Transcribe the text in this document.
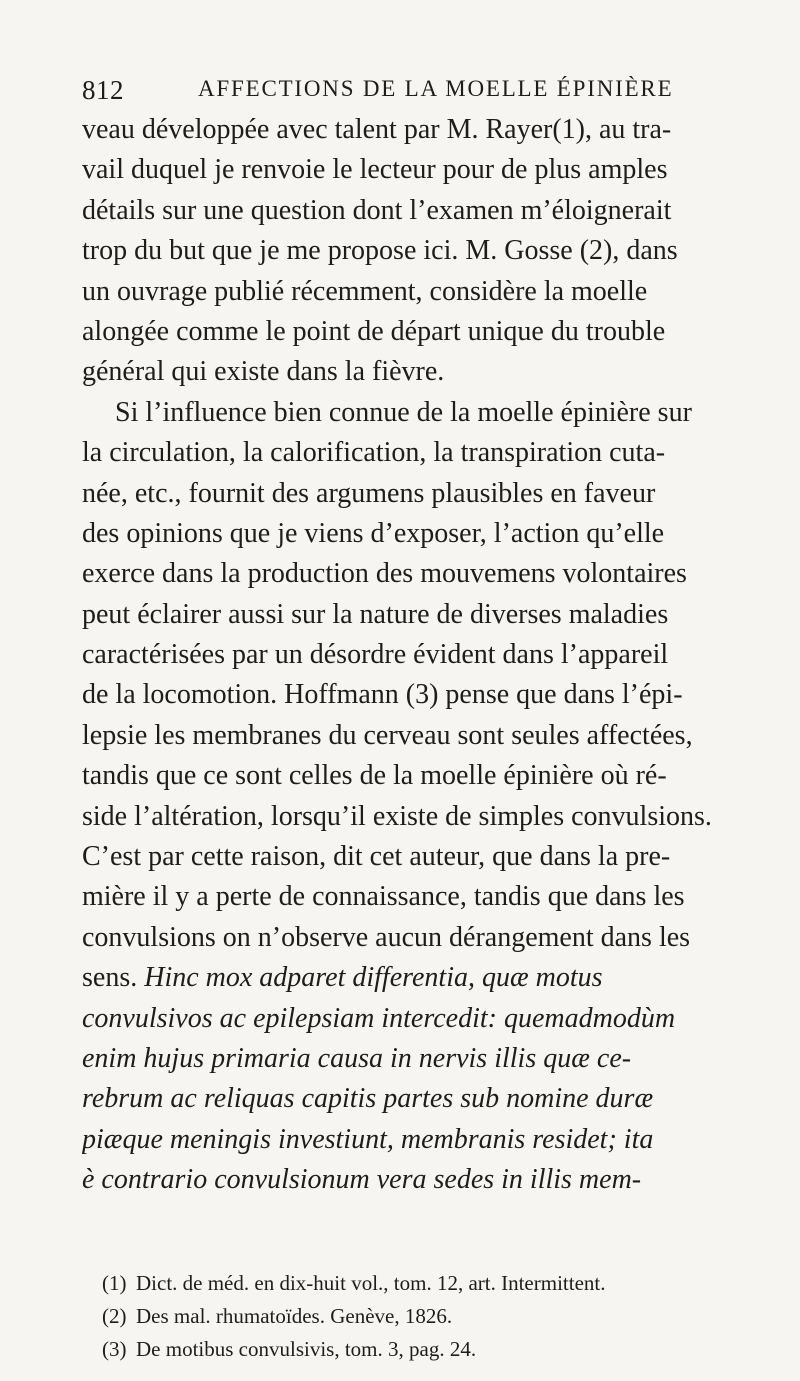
812	AFFECTIONS DE LA MOELLE ÉPINIÈRE
veau développée avec talent par M. Rayer(1), au tra-
vail duquel je renvoie le lecteur pour de plus amples
détails sur une question dont l’examen m’éloignerait
trop du but que je me propose ici. M. Gosse (2), dans
un ouvrage publié récemment, considère la moelle
alongée comme le point de départ unique du trouble
général qui existe dans la fièvre.
Si l’influence bien connue de la moelle épinière sur
la circulation, la calorification, la transpiration cuta-
née, etc., fournit des argumens plausibles en faveur
des opinions que je viens d’exposer, l’action qu’elle
exerce dans la production des mouvemens volontaires
peut éclairer aussi sur la nature de diverses maladies
caractérisées par un désordre évident dans l’appareil
de la locomotion. Hoffmann (3) pense que dans l’épi-
lepsie les membranes du cerveau sont seules affectées,
tandis que ce sont celles de la moelle épinière où ré-
side l’altération, lorsqu’il existe de simples convulsions.
C’est par cette raison, dit cet auteur, que dans la pre-
mière il y a perte de connaissance, tandis que dans les
convulsions on n’observe aucun dérangement dans les
sens. Hinc mox adparet differentia, quæ motus
convulsivos ac epilepsiam intercedit: quemadmodùm
enim hujus primaria causa in nervis illis quæ ce-
rebrum ac reliquas capitis partes sub nomine duræ
piæque meningis investiunt, membranis residet; ita
è contrario convulsionum vera sedes in illis mem-
(1) Dict. de méd. en dix-huit vol., tom. 12, art. Intermittent.
(2) Des mal. rhumatoïdes. Genève, 1826.
(3) De motibus convulsivis, tom. 3, pag. 24.
